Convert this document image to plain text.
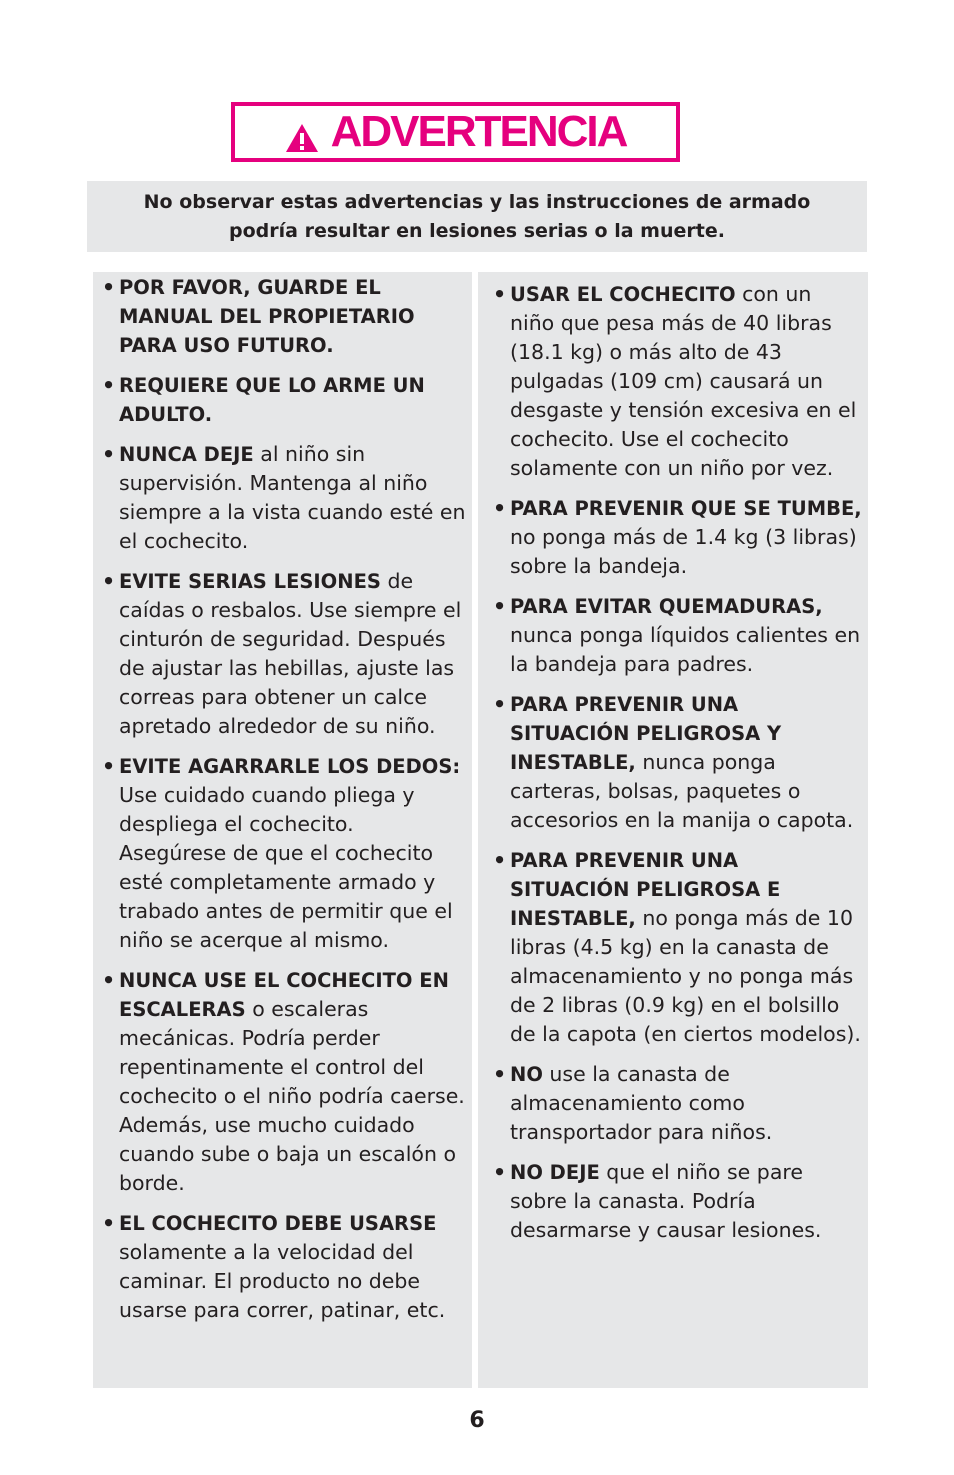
ADVERTENCIA
No observar estas advertencias y las instrucciones de armado
podría resultar en lesiones serias o la muerte.
• POR FAVOR, GUARDE EL MANUAL DEL PROPIETARIO PARA USO FUTURO.
• REQUIERE QUE LO ARME UN ADULTO.
• NUNCA DEJE al niño sin supervisión. Mantenga al niño siempre a la vista cuando esté en el cochecito.
• EVITE SERIAS LESIONES de caídas o resbalos. Use siempre el cinturón de seguridad. Después de ajustar las hebillas, ajuste las correas para obtener un calce apretado alrededor de su niño.
• EVITE AGARRARLE LOS DEDOS: Use cuidado cuando pliega y despliega el cochecito. Asegúrese de que el cochecito esté completamente armado y trabado antes de permitir que el niño se acerque al mismo.
• NUNCA USE EL COCHECITO EN ESCALERAS o escaleras mecánicas. Podría perder repentinamente el control del cochecito o el niño podría caerse. Además, use mucho cuidado cuando sube o baja un escalón o borde.
• EL COCHECITO DEBE USARSE solamente a la velocidad del caminar. El producto no debe usarse para correr, patinar, etc.
• USAR EL COCHECITO con un niño que pesa más de 40 libras (18.1 kg) o más alto de 43 pulgadas (109 cm) causará un desgaste y tensión excesiva en el cochecito. Use el cochecito solamente con un niño por vez.
• PARA PREVENIR QUE SE TUMBE, no ponga más de 1.4 kg (3 libras) sobre la bandeja.
• PARA EVITAR QUEMADURAS, nunca ponga líquidos calientes en la bandeja para padres.
• PARA PREVENIR UNA SITUACIÓN PELIGROSA Y INESTABLE, nunca ponga carteras, bolsas, paquetes o accesorios en la manija o capota.
• PARA PREVENIR UNA SITUACIÓN PELIGROSA E INESTABLE, no ponga más de 10 libras (4.5 kg) en la canasta de almacenamiento y no ponga más de 2 libras (0.9 kg) en el bolsillo de la capota (en ciertos modelos).
• NO use la canasta de almacenamiento como transportador para niños.
• NO DEJE que el niño se pare sobre la canasta. Podría desarmarse y causar lesiones.
6
